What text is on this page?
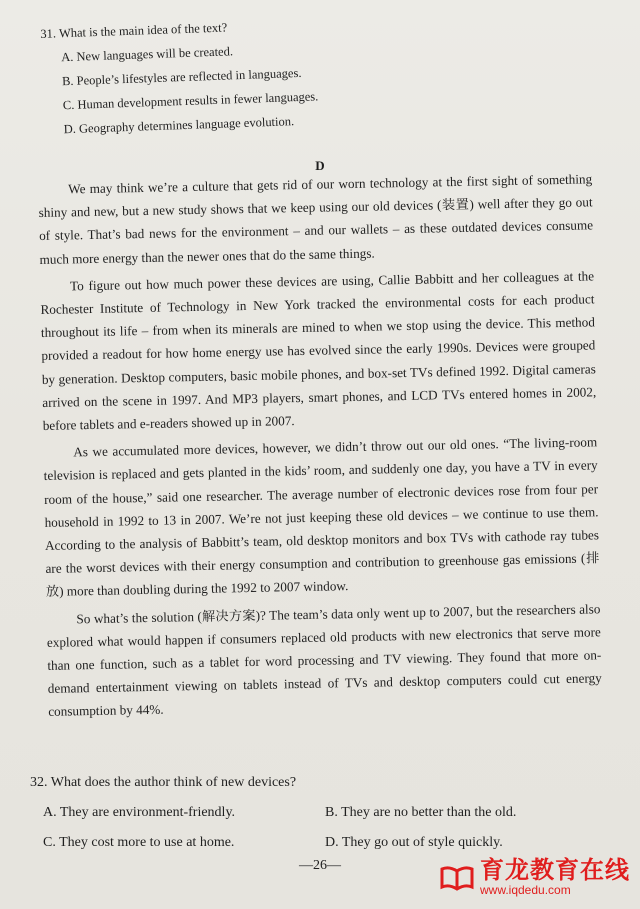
31. What is the main idea of the text?
A. New languages will be created.
B. People’s lifestyles are reflected in languages.
C. Human development results in fewer languages.
D. Geography determines language evolution.
D

We may think we’re a culture that gets rid of our worn technology at the first sight of something shiny and new, but a new study shows that we keep using our old devices (装置) well after they go out of style. That’s bad news for the environment – and our wallets – as these outdated devices consume much more energy than the newer ones that do the same things.

To figure out how much power these devices are using, Callie Babbitt and her colleagues at the Rochester Institute of Technology in New York tracked the environmental costs for each product throughout its life – from when its minerals are mined to when we stop using the device. This method provided a readout for how home energy use has evolved since the early 1990s. Devices were grouped by generation. Desktop computers, basic mobile phones, and box-set TVs defined 1992. Digital cameras arrived on the scene in 1997. And MP3 players, smart phones, and LCD TVs entered homes in 2002, before tablets and e-readers showed up in 2007.

As we accumulated more devices, however, we didn’t throw out our old ones. “The living-room television is replaced and gets planted in the kids’ room, and suddenly one day, you have a TV in every room of the house,” said one researcher. The average number of electronic devices rose from four per household in 1992 to 13 in 2007. We’re not just keeping these old devices – we continue to use them. According to the analysis of Babbitt’s team, old desktop monitors and box TVs with cathode ray tubes are the worst devices with their energy consumption and contribution to greenhouse gas emissions (排放) more than doubling during the 1992 to 2007 window.

So what’s the solution (解决方案)? The team’s data only went up to 2007, but the researchers also explored what would happen if consumers replaced old products with new electronics that serve more than one function, such as a tablet for word processing and TV viewing. They found that more on-demand entertainment viewing on tablets instead of TVs and desktop computers could cut energy consumption by 44%.

32. What does the author think of new devices?
A. They are environment-friendly.	B. They are no better than the old.
C. They cost more to use at home.	D. They go out of style quickly.
—26—	育龙教育在线
www.iqdedu.com
